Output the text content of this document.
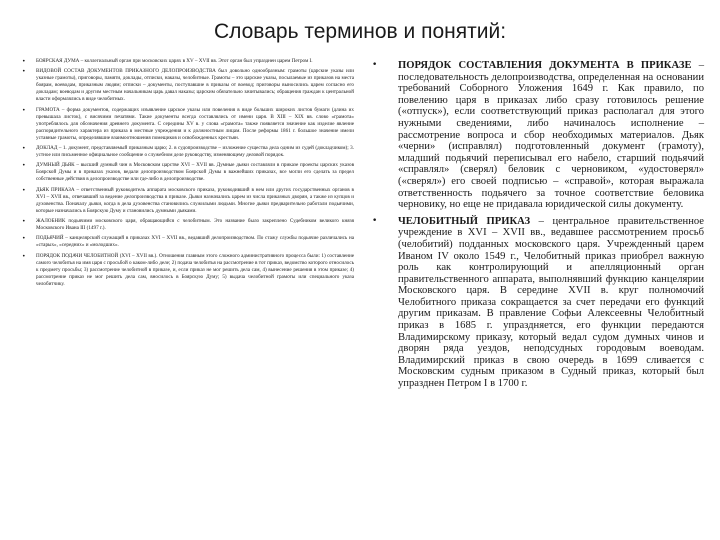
Словарь терминов и понятий:
• БОЯРСКАЯ ДУМА – коллегиальный орган при московских царях в XV – XVII вв. Этот орган был упразднен царем Петром I.
• ВИДОВОЙ СОСТАВ ДОКУМЕНТОВ ПРИКАЗНОГО ДЕЛОПРОИЗВОДСТВА был довольно однообразным: грамоты (царские указы или указные грамоты), приговоры, памяти, доклады, отписки, наказы, челобитные. Грамоты – это царские указы, посылаемые из приказов на места боярам, воеводам, приказным людям; отписки – документы, поступавшие в приказы от воевод; приговоры выносились царем согласно его докладам; воеводам и другим местным начальникам царь давал наказы; царским обязательно зачитывались; обращения граждан к центральной власти оформлялись в виде челобитных.
• ГРАМОТА – форма документов, содержащих изъявление царское указы или повеления в виде больших широких листов бумаги (длина их превышала листок), с висячими печатями. Такие документы всегда составлялись от имени царя. В XIII – XIX вв. слово «грамота» употреблялось для обозначения древнего документа. С середины XV в. у слова «грамота» также появляется значение как изделие явление распорядительного характера из приказа в местные учреждения и к должностным лицам. После реформы 1861 г. большое значение имели уставные грамоты, определявшие взаимоотношения помещиков и освобожденных крестьян.
• ДОКЛАД – 1. документ, представляемый приказным царю; 2. в судопроизводстве – изложение существа дела одним из судей (докладчиком); 3. устное или письменное официальное сообщение о служебном деле руководству, изменяющему деловой порядок.
• ДУМНЫЙ ДЬЯК – высший думный чин в Московском царстве XVI – XVII вв. Думные дьяки составляли в приказе проекты царских указов Боярской Думы и в приказах указов, ведали делопроизводством Боярской Думы в важнейших приказах, все могли его сделать за предел собственные действия в делопроизводстве или где-либо в делопроизводстве.
• ДЬЯК ПРИКАЗА – ответственный руководитель аппарата московского приказа, руководивший в нем или других государственных органов в XVI – XVII вв., отвечавший за ведение делопроизводства в приказе. Дьяки назначались царем из числа приказных дворян, а также из купцов и духовенства. Поначалу дьяки, когда в дела духовенства становились служилыми людьми. Многие дьяки предварительно работали подьячими, которые назначались в Боярскую Думу и становились думными дьяками.
• ЖАЛОБНИК подьячими московского царя, обращающийся с челобитным. Это название было закреплено Судебником великого князя Московского Ивана III (1497 г.).
• ПОДЬЯЧИЙ – канцелярский служащий в приказах XVI – XVII вв., ведавший делопроизводством. По стажу службы подьячие различались на «старых», «середних» и «молодших».
• ПОРЯДОК ПОДАЧИ ЧЕЛОБИТНОЙ (XVI – XVII вв.). Отношения главным этого сложного административного процесса были: 1) составление самого челобитья на имя царя с просьбой о каком-либо деле; 2) подача челобитья на рассмотрение в тот приказ, ведомство которого относилось к предмету просьбы; 3) рассмотрение челобитной в приказе, и, если приказ не мог решить дела сам, 4) вынесение решения в этом приказе; 4) рассмотрение приказ не мог решить дела сам, вносилось в Боярскую Думу; 5) выдача челобитной грамоты или специального указа челобитчику.
• ПОРЯДОК СОСТАВЛЕНИЯ ДОКУМЕНТА В ПРИКАЗЕ – последовательность делопроизводства, определенная на основании требований Соборного Уложения 1649 г. Как правило, по повелению царя в приказах либо сразу готовилось решение («отпуск»), если соответствующий приказ располагал для этого нужными сведениями, либо начиналось исполнение – рассмотрение вопроса и сбор необходимых материалов. Дьяк «черни» (исправлял) подготовленный документ (грамоту), младший подьячий переписывал его набело, старший подьячий «справлял» (сверял) беловик с черновиком, «удостоверял» («сверял») его своей подписью – «справой», которая выражала ответственность подьячего за точное соответствие беловика черновику, но еще не придавала юридической силы документу.
• ЧЕЛОБИТНЫЙ ПРИКАЗ – центральное правительственное учреждение в XVI – XVII вв., ведавшее рассмотрением просьб (челобитий) подданных московского царя. Учрежденный царем Иваном IV около 1549 г., Челобитный приказ приобрел важную роль как контролирующий и апелляционный орган правительственного аппарата, выполнявший функцию канцелярии Московского царя. В середине XVII в. круг полномочий Челобитного приказа сокращается за счет передачи его функций другим приказам. В правление Софьи Алексеевны Челобитный приказ в 1685 г. упраздняется, его функции передаются Владимирскому приказу, который ведал судом думных чинов и дворян ряда уездов, неподсудных городовым воеводам. Владимирский приказ в свою очередь в 1699 сливается с Московским судным приказом в Судный приказ, который был упразднен Петром I в 1700 г.
